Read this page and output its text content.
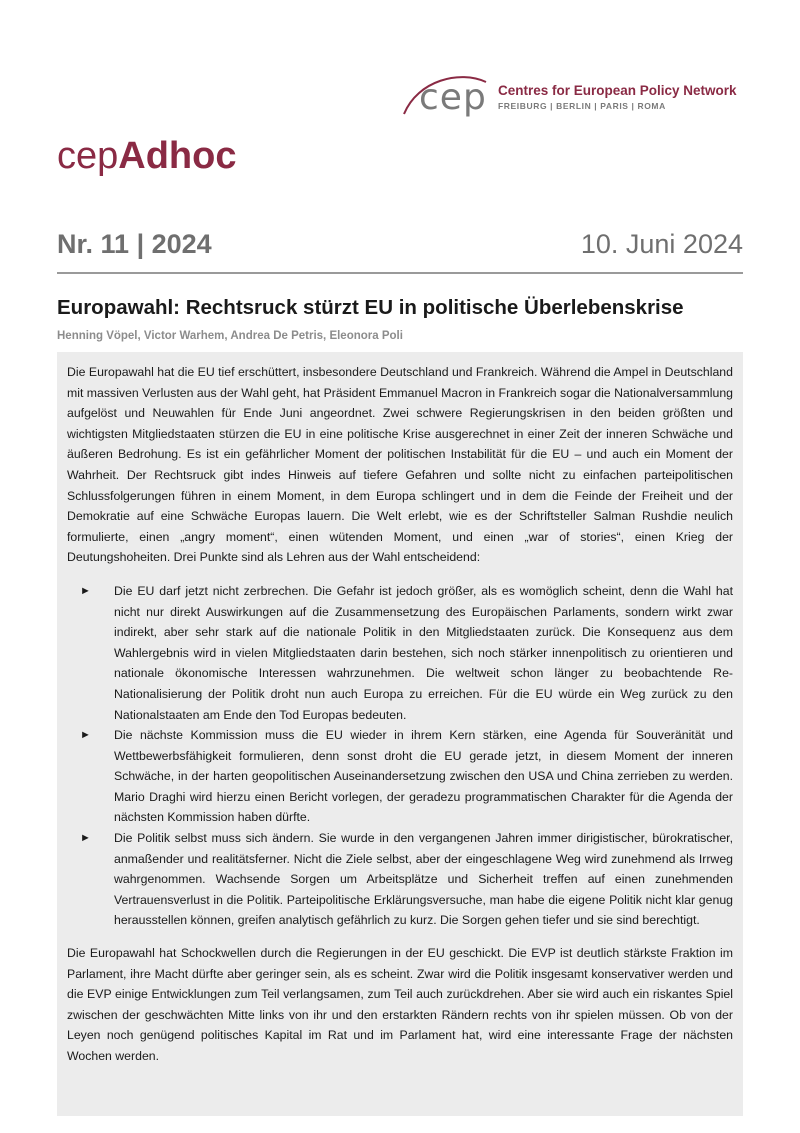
cep Centres for European Policy Network
FREIBURG | BERLIN | PARIS | ROMA
cepAdhoc
Nr. 11 | 2024	10. Juni 2024
Europawahl: Rechtsruck stürzt EU in politische Überlebenskrise
Henning Vöpel, Victor Warhem, Andrea De Petris, Eleonora Poli

Die Europawahl hat die EU tief erschüttert, insbesondere Deutschland und Frankreich. Während die Ampel in Deutschland mit massiven Verlusten aus der Wahl geht, hat Präsident Emmanuel Macron in Frankreich sogar die Nationalversammlung aufgelöst und Neuwahlen für Ende Juni angeordnet. Zwei schwere Regierungskrisen in den beiden größten und wichtigsten Mitgliedstaaten stürzen die EU in eine politische Krise ausgerechnet in einer Zeit der inneren Schwäche und äußeren Bedrohung. Es ist ein gefährlicher Moment der politischen Instabilität für die EU – und auch ein Moment der Wahrheit. Der Rechtsruck gibt indes Hinweis auf tiefere Gefahren und sollte nicht zu einfachen parteipolitischen Schlussfolgerungen führen in einem Moment, in dem Europa schlingert und in dem die Feinde der Freiheit und der Demokratie auf eine Schwäche Europas lauern. Die Welt erlebt, wie es der Schriftsteller Salman Rushdie neulich formulierte, einen „angry moment“, einen wütenden Moment, und einen „war of stories“, einen Krieg der Deutungshoheiten. Drei Punkte sind als Lehren aus der Wahl entscheidend:

► Die EU darf jetzt nicht zerbrechen. Die Gefahr ist jedoch größer, als es womöglich scheint, denn die Wahl hat nicht nur direkt Auswirkungen auf die Zusammensetzung des Europäischen Parlaments, sondern wirkt zwar indirekt, aber sehr stark auf die nationale Politik in den Mitgliedstaaten zurück. Die Konsequenz aus dem Wahlergebnis wird in vielen Mitgliedstaaten darin bestehen, sich noch stärker innenpolitisch zu orientieren und nationale ökonomische Interessen wahrzunehmen. Die weltweit schon länger zu beobachtende Re-Nationalisierung der Politik droht nun auch Europa zu erreichen. Für die EU würde ein Weg zurück zu den Nationalstaaten am Ende den Tod Europas bedeuten.
► Die nächste Kommission muss die EU wieder in ihrem Kern stärken, eine Agenda für Souveränität und Wettbewerbsfähigkeit formulieren, denn sonst droht die EU gerade jetzt, in diesem Moment der inneren Schwäche, in der harten geopolitischen Auseinandersetzung zwischen den USA und China zerrieben zu werden. Mario Draghi wird hierzu einen Bericht vorlegen, der geradezu programmatischen Charakter für die Agenda der nächsten Kommission haben dürfte.
► Die Politik selbst muss sich ändern. Sie wurde in den vergangenen Jahren immer dirigistischer, bürokratischer, anmaßender und realitätsferner. Nicht die Ziele selbst, aber der eingeschlagene Weg wird zunehmend als Irrweg wahrgenommen. Wachsende Sorgen um Arbeitsplätze und Sicherheit treffen auf einen zunehmenden Vertrauensverlust in die Politik. Parteipolitische Erklärungsversuche, man habe die eigene Politik nicht klar genug herausstellen können, greifen analytisch gefährlich zu kurz. Die Sorgen gehen tiefer und sie sind berechtigt.

Die Europawahl hat Schockwellen durch die Regierungen in der EU geschickt. Die EVP ist deutlich stärkste Fraktion im Parlament, ihre Macht dürfte aber geringer sein, als es scheint. Zwar wird die Politik insgesamt konservativer werden und die EVP einige Entwicklungen zum Teil verlangsamen, zum Teil auch zurückdrehen. Aber sie wird auch ein riskantes Spiel zwischen der geschwächten Mitte links von ihr und den erstarkten Rändern rechts von ihr spielen müssen. Ob von der Leyen noch genügend politisches Kapital im Rat und im Parlament hat, wird eine interessante Frage der nächsten Wochen werden.
